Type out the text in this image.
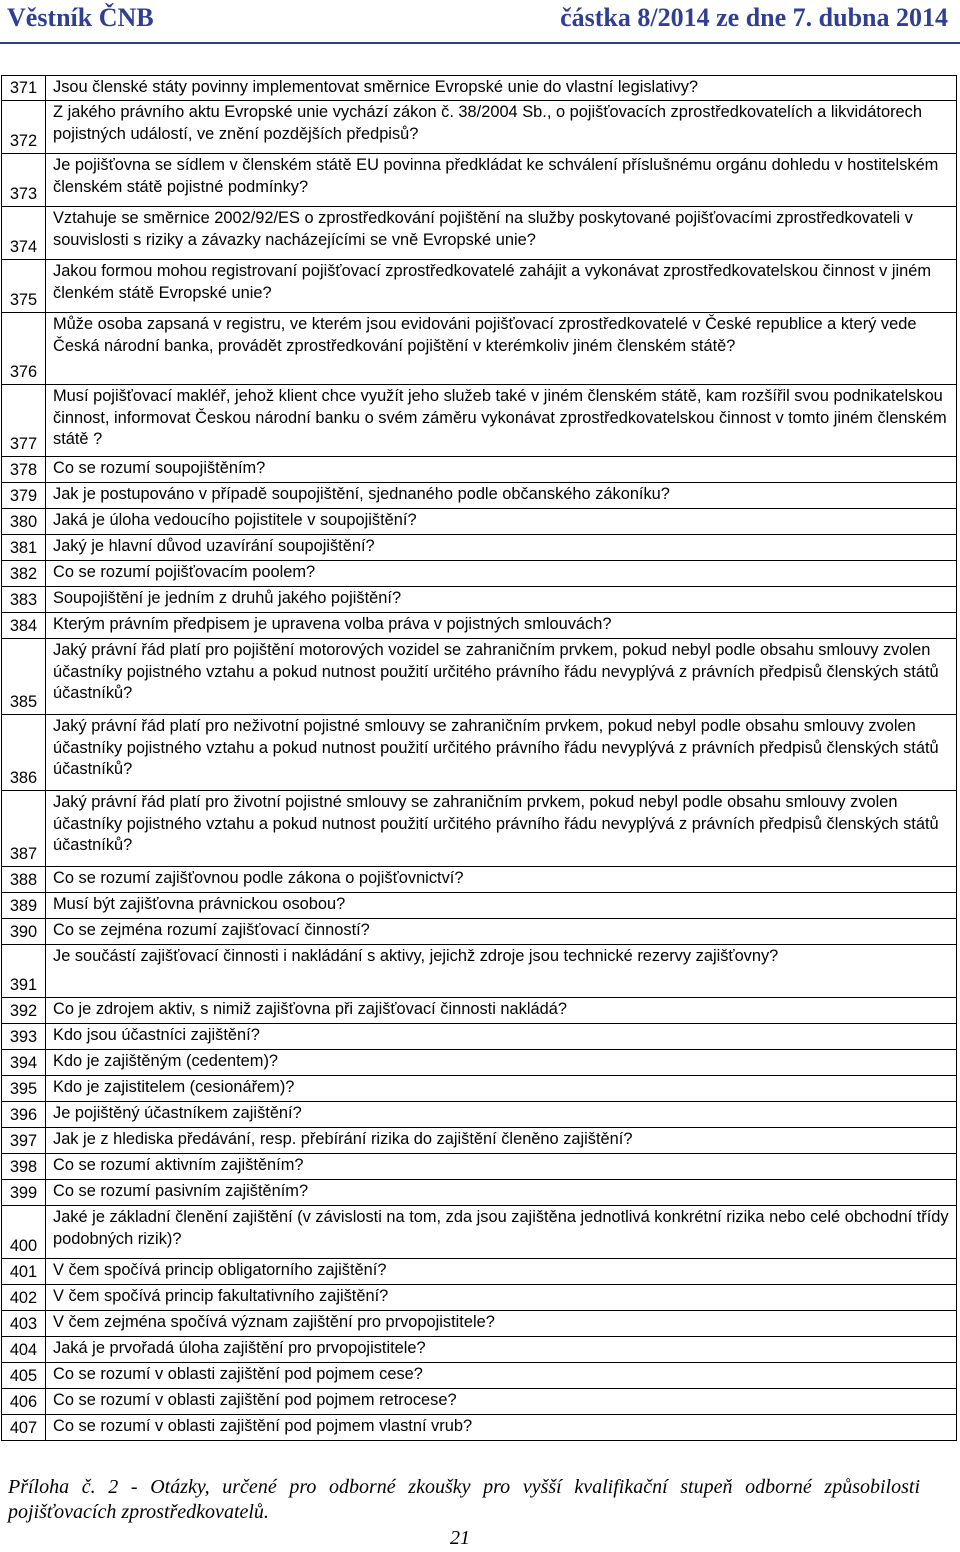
Věstník ČNB	částka 8/2014 ze dne 7. dubna 2014
371	Jsou členské státy povinny implementovat směrnice Evropské unie do vlastní legislativy?
372	Z jakého právního aktu Evropské unie vychází zákon č. 38/2004 Sb., o pojišťovacích zprostředkovatelích a likvidátorech pojistných událostí, ve znění pozdějších předpisů?
373	Je pojišťovna se sídlem v členském státě EU povinna předkládat ke schválení příslušnému orgánu dohledu v hostitelském členském státě pojistné podmínky?
374	Vztahuje se směrnice 2002/92/ES o zprostředkování pojištění na služby poskytované pojišťovacími zprostředkovateli v souvislosti s riziky a závazky nacházejícími se vně Evropské unie?
375	Jakou formou mohou registrovaní pojišťovací zprostředkovatelé zahájit a vykonávat zprostředkovatelskou činnost v jiném členkém státě Evropské unie?
376	Může osoba zapsaná v registru, ve kterém jsou evidováni pojišťovací zprostředkovatelé v České republice a který vede Česká národní banka, provádět zprostředkování pojištění v kterémkoliv jiném členském státě?
377	Musí pojišťovací makléř, jehož klient chce využít jeho služeb také v jiném členském státě, kam rozšířil svou podnikatelskou činnost, informovat Českou národní banku o svém záměru vykonávat zprostředkovatelskou činnost v tomto jiném členském státě ?
378	Co se rozumí soupojištěním?
379	Jak je postupováno v případě soupojištění, sjednaného podle občanského zákoníku?
380	Jaká je úloha vedoucího pojistitele v soupojištění?
381	Jaký je hlavní důvod uzavírání soupojištění?
382	Co se rozumí pojišťovacím poolem?
383	Soupojištění je jedním z druhů jakého pojištění?
384	Kterým právním předpisem je upravena volba práva v pojistných smlouvách?
385	Jaký právní řád platí pro pojištění motorových vozidel se zahraničním prvkem, pokud nebyl podle obsahu smlouvy zvolen účastníky pojistného vztahu a pokud nutnost použití určitého právního řádu nevyplývá z právních předpisů členských států účastníků?
386	Jaký právní řád platí pro neživotní pojistné smlouvy se zahraničním prvkem, pokud nebyl podle obsahu smlouvy zvolen účastníky pojistného vztahu a pokud nutnost použití určitého právního řádu nevyplývá z právních předpisů členských států účastníků?
387	Jaký právní řád platí pro životní pojistné smlouvy se zahraničním prvkem, pokud nebyl podle obsahu smlouvy zvolen účastníky pojistného vztahu a pokud nutnost použití určitého právního řádu nevyplývá z právních předpisů členských států účastníků?
388	Co se rozumí zajišťovnou podle zákona o pojišťovnictví?
389	Musí být zajišťovna právnickou osobou?
390	Co se zejména rozumí zajišťovací činností?
391	Je součástí zajišťovací činnosti i nakládání s aktivy, jejichž zdroje jsou technické rezervy zajišťovny?
392	Co je zdrojem aktiv, s nimiž zajišťovna při zajišťovací činnosti nakládá?
393	Kdo jsou účastníci zajištění?
394	Kdo je zajištěným (cedentem)?
395	Kdo je zajistitelem (cesionářem)?
396	Je pojištěný účastníkem zajištění?
397	Jak je z hlediska předávání, resp. přebírání rizika do zajištění členěno zajištění?
398	Co se rozumí aktivním zajištěním?
399	Co se rozumí pasivním zajištěním?
400	Jaké je základní členění zajištění (v závislosti na tom, zda jsou zajištěna jednotlivá konkrétní rizika nebo celé obchodní třídy podobných rizik)?
401	V čem spočívá princip obligatorního zajištění?
402	V čem spočívá princip fakultativního zajištění?
403	V čem zejména spočívá význam zajištění pro prvopojistitele?
404	Jaká je prvořadá úloha zajištění pro prvopojistitele?
405	Co se rozumí v oblasti zajištění pod pojmem cese?
406	Co se rozumí v oblasti zajištění pod pojmem retrocese?
407	Co se rozumí v oblasti zajištění pod pojmem vlastní vrub?
Příloha č. 2 - Otázky, určené pro odborné zkoušky pro vyšší kvalifikační stupeň odborné způsobilosti pojišťovacích zprostředkovatelů.
21
